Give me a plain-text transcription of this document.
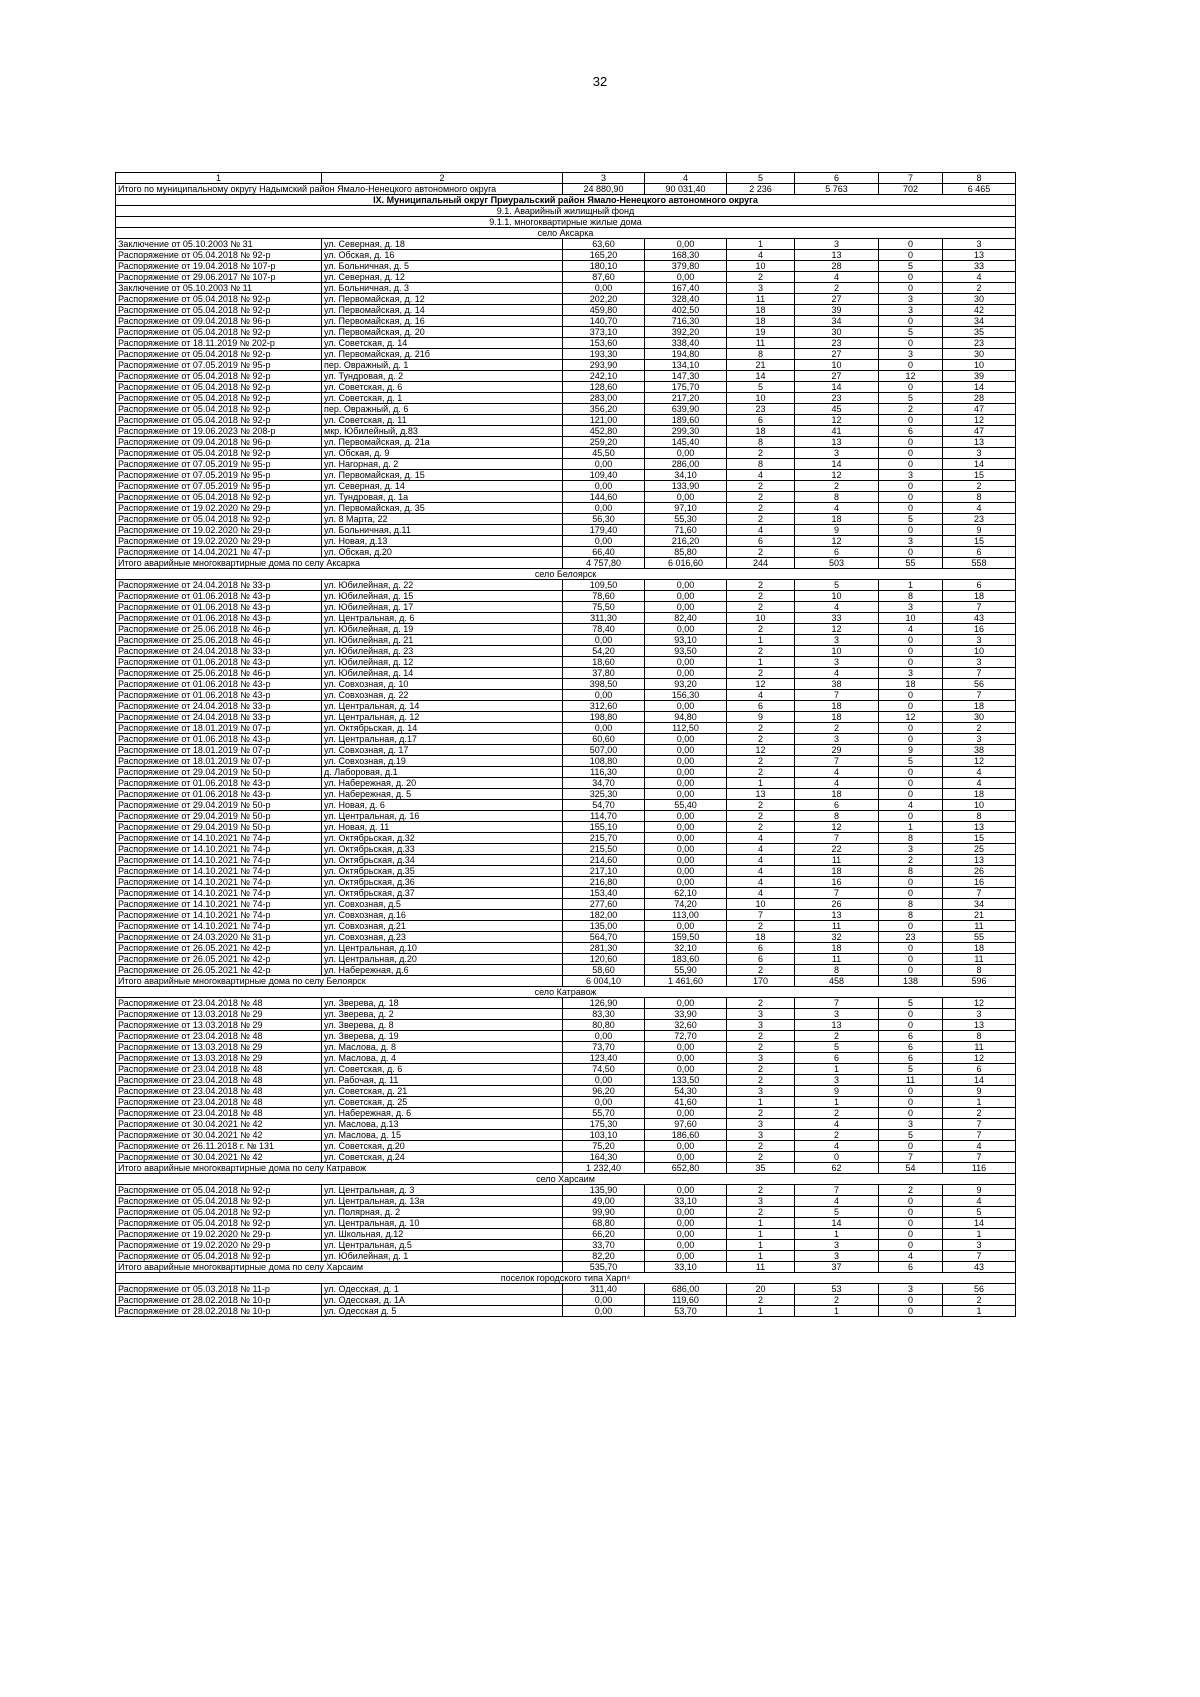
32
1	2	3	4	5	6	7	8
Итого по муниципальному округу Надымский район Ямало-Ненецкого автономного округа		24 880,90	90 031,40	2 236	5 763	702	6 465
IX. Муниципальный округ Приуральский район Ямало-Ненецкого автономного округа							
9.1. Аварийный жилищный фонд							
9.1.1. многоквартирные жилые дома							
село Аксарка							
Заключение от 05.10.2003 № 31	ул. Северная, д. 18	63,60	0,00	1	3	0	3
Распоряжение от 05.04.2018 № 92-р	ул. Обская, д. 16	165,20	168,30	4	13	0	13
Распоряжение от 19.04.2018 № 107-р	ул. Больничная, д. 5	180,10	379,80	10	28	5	33
Распоряжение от 29.06.2017 № 107-р	ул. Северная, д. 12	87,60	0,00	2	4	0	4
Заключение от 05.10.2003 № 11	ул. Больничная, д. 3	0,00	167,40	3	2	0	2
Распоряжение от 05.04.2018 № 92-р	ул. Первомайская, д. 12	202,20	328,40	11	27	3	30
Распоряжение от 05.04.2018 № 92-р	ул. Первомайская, д. 14	459,80	402,50	18	39	3	42
Распоряжение от 09.04.2018 № 96-р	ул. Первомайская, д. 16	140,70	716,30	18	34	0	34
Распоряжение от 05.04.2018 № 92-р	ул. Первомайская, д. 20	373,10	392,20	19	30	5	35
Распоряжение от 18.11.2019 № 202-р	ул. Советская, д. 14	153,60	338,40	11	23	0	23
Распоряжение от 05.04.2018 № 92-р	ул. Первомайская, д. 21б	193,30	194,80	8	27	3	30
Распоряжение от 07.05.2019 № 95-р	пер. Овражный, д. 1	293,90	134,10	21	10	0	10
Распоряжение от 05.04.2018 № 92-р	ул. Тундровая, д. 2	242,10	147,30	14	27	12	39
Распоряжение от 05.04.2018 № 92-р	ул. Советская, д. 6	128,60	175,70	5	14	0	14
Распоряжение от 05.04.2018 № 92-р	ул. Советская, д. 1	283,00	217,20	10	23	5	28
Распоряжение от 05.04.2018 № 92-р	пер. Овражный, д. 6	356,20	639,90	23	45	2	47
Распоряжение от 05.04.2018 № 92-р	ул. Советская, д. 11	121,00	189,60	6	12	0	12
Распоряжение от 19.06.2023 № 208-р	мкр. Юбилейный, д.83	452,80	299,30	18	41	6	47
Распоряжение от 09.04.2018 № 96-р	ул. Первомайская, д. 21а	259,20	145,40	8	13	0	13
Распоряжение от 05.04.2018 № 92-р	ул. Обская, д. 9	45,50	0,00	2	3	0	3
Распоряжение от 07.05.2019 № 95-р	ул. Нагорная, д. 2	0,00	286,00	8	14	0	14
Распоряжение от 07.05.2019 № 95-р	ул. Первомайская, д. 15	109,40	34,10	4	12	3	15
Распоряжение от 07.05.2019 № 95-р	ул. Северная, д. 14	0,00	133,90	2	2	0	2
Распоряжение от 05.04.2018 № 92-р	ул. Тундровая, д. 1а	144,60	0,00	2	8	0	8
Распоряжение от 19.02.2020 № 29-р	ул. Первомайская, д. 35	0,00	97,10	2	4	0	4
Распоряжение от 05.04.2018 № 92-р	ул. 8 Марта, 22	56,30	55,30	2	18	5	23
Распоряжение от 19.02.2020 № 29-р	ул. Больничная, д.11	179,40	71,60	4	9	0	9
Распоряжение от 19.02.2020 № 29-р	ул. Новая, д.13	0,00	216,20	6	12	3	15
Распоряжение от 14.04.2021 № 47-р	ул. Обская, д.20	66,40	85,80	2	6	0	6
Итого аварийные многоквартирные дома по селу Аксарка		4 757,80	6 016,60	244	503	55	558
село Белоярск							
Распоряжение от 24.04.2018 № 33-р	ул. Юбилейная, д. 22	109,50	0,00	2	5	1	6
Распоряжение от 01.06.2018 № 43-р	ул. Юбилейная, д. 15	78,60	0,00	2	10	8	18
Распоряжение от 01.06.2018 № 43-р	ул. Юбилейная, д. 17	75,50	0,00	2	4	3	7
Распоряжение от 01.06.2018 № 43-р	ул. Центральная, д. 6	311,30	82,40	10	33	10	43
Распоряжение от 25.06.2018 № 46-р	ул. Юбилейная, д. 19	78,40	0,00	2	12	4	16
Распоряжение от 25.06.2018 № 46-р	ул. Юбилейная, д. 21	0,00	93,10	1	3	0	3
Распоряжение от 24.04.2018 № 33-р	ул. Юбилейная, д. 23	54,20	93,50	2	10	0	10
Распоряжение от 01.06.2018 № 43-р	ул. Юбилейная, д. 12	18,60	0,00	1	3	0	3
Распоряжение от 25.06.2018 № 46-р	ул. Юбилейная, д. 14	37,80	0,00	2	4	3	7
Распоряжение от 01.06.2018 № 43-р	ул. Совхозная, д. 10	398,50	93,20	12	38	18	56
Распоряжение от 01.06.2018 № 43-р	ул. Совхозная, д. 22	0,00	156,30	4	7	0	7
Распоряжение от 24.04.2018 № 33-р	ул. Центральная, д. 14	312,60	0,00	6	18	0	18
Распоряжение от 24.04.2018 № 33-р	ул. Центральная, д. 12	198,80	94,80	9	18	12	30
Распоряжение от 18.01.2019 № 07-р	ул. Октябрьская, д. 14	0,00	112,50	2	2	0	2
Распоряжение от 01.06.2018 № 43-р	ул. Центральная, д.17	60,60	0,00	2	3	0	3
Распоряжение от 18.01.2019 № 07-р	ул. Совхозная, д. 17	507,00	0,00	12	29	9	38
Распоряжение от 18.01.2019 № 07-р	ул. Совхозная, д.19	108,80	0,00	2	7	5	12
Распоряжение от 29.04.2019 № 50-р	д. Лаборовая, д.1	116,30	0,00	2	4	0	4
Распоряжение от 01.06.2018 № 43-р	ул. Набережная, д. 20	34,70	0,00	1	4	0	4
Распоряжение от 01.06.2018 № 43-р	ул. Набережная, д. 5	325,30	0,00	13	18	0	18
Распоряжение от 29.04.2019 № 50-р	ул. Новая, д. 6	54,70	55,40	2	6	4	10
Распоряжение от 29.04.2019 № 50-р	ул. Центральная, д. 16	114,70	0,00	2	8	0	8
Распоряжение от 29.04.2019 № 50-р	ул. Новая, д. 11	155,10	0,00	2	12	1	13
Распоряжение от 14.10.2021 № 74-р	ул. Октябрьская, д.32	215,70	0,00	4	7	8	15
Распоряжение от 14.10.2021 № 74-р	ул. Октябрьская, д.33	215,50	0,00	4	22	3	25
Распоряжение от 14.10.2021 № 74-р	ул. Октябрьская, д.34	214,60	0,00	4	11	2	13
Распоряжение от 14.10.2021 № 74-р	ул. Октябрьская, д.35	217,10	0,00	4	18	8	26
Распоряжение от 14.10.2021 № 74-р	ул. Октябрьская, д.36	216,80	0,00	4	16	0	16
Распоряжение от 14.10.2021 № 74-р	ул. Октябрьская, д.37	153,40	62,10	4	7	0	7
Распоряжение от 14.10.2021 № 74-р	ул. Совхозная, д.5	277,60	74,20	10	26	8	34
Распоряжение от 14.10.2021 № 74-р	ул. Совхозная, д.16	182,00	113,00	7	13	8	21
Распоряжение от 14.10.2021 № 74-р	ул. Совхозная, д.21	135,00	0,00	2	11	0	11
Распоряжение от 24.03.2020 № 31-р	ул. Совхозная, д.23	564,70	159,50	18	32	23	55
Распоряжение от 26.05.2021 № 42-р	ул. Центральная, д.10	281,30	32,10	6	18	0	18
Распоряжение от 26.05.2021 № 42-р	ул. Центральная, д.20	120,60	183,60	6	11	0	11
Распоряжение от 26.05.2021 № 42-р	ул. Набережная, д.6	58,60	55,90	2	8	0	8
Итого аварийные многоквартирные дома по селу Белоярск		6 004,10	1 461,60	170	458	138	596
село Катравож							
Распоряжение от 23.04.2018 № 48	ул. Зверева, д. 18	126,90	0,00	2	7	5	12
Распоряжение от 13.03.2018 № 29	ул. Зверева, д. 2	83,30	33,90	3	3	0	3
Распоряжение от 13.03.2018 № 29	ул. Зверева, д. 8	80,80	32,60	3	13	0	13
Распоряжение от 23.04.2018 № 48	ул. Зверева, д. 19	0,00	72,70	2	2	6	8
Распоряжение от 13.03.2018 № 29	ул. Маслова, д. 8	73,70	0,00	2	5	6	11
Распоряжение от 13.03.2018 № 29	ул. Маслова, д. 4	123,40	0,00	3	6	6	12
Распоряжение от 23.04.2018 № 48	ул. Советская, д. 6	74,50	0,00	2	1	5	6
Распоряжение от 23.04.2018 № 48	ул. Рабочая, д. 11	0,00	133,50	2	3	11	14
Распоряжение от 23.04.2018 № 48	ул. Советская, д. 21	96,20	54,30	3	9	0	9
Распоряжение от 23.04.2018 № 48	ул. Советская, д. 25	0,00	41,60	1	1	0	1
Распоряжение от 23.04.2018 № 48	ул. Набережная, д. 6	55,70	0,00	2	2	0	2
Распоряжение от 30.04.2021 № 42	ул. Маслова, д.13	175,30	97,60	3	4	3	7
Распоряжение от 30.04.2021 № 42	ул. Маслова, д. 15	103,10	186,60	3	2	5	7
Распоряжение от 26.11.2018 г. № 131	ул. Советская, д.20	75,20	0,00	2	4	0	4
Распоряжение от 30.04.2021 № 42	ул. Советская, д.24	164,30	0,00	2	0	7	7
Итого аварийные многоквартирные дома по селу Катравож		1 232,40	652,80	35	62	54	116
село Харсаим							
Распоряжение от 05.04.2018 № 92-р	ул. Центральная, д. 3	135,90	0,00	2	7	2	9
Распоряжение от 05.04.2018 № 92-р	ул. Центральная, д. 13а	49,00	33,10	3	4	0	4
Распоряжение от 05.04.2018 № 92-р	ул. Полярная, д. 2	99,90	0,00	2	5	0	5
Распоряжение от 05.04.2018 № 92-р	ул. Центральная, д. 10	68,80	0,00	1	14	0	14
Распоряжение от 19.02.2020 № 29-р	ул. Школьная, д.12	66,20	0,00	1	1	0	1
Распоряжение от 19.02.2020 № 29-р	ул. Центральная, д.5	33,70	0,00	1	3	0	3
Распоряжение от 05.04.2018 № 92-р	ул. Юбилейная, д. 1	82,20	0,00	1	3	4	7
Итого аварийные многоквартирные дома по селу Харсаим		535,70	33,10	11	37	6	43
поселок городского типа Харп⁴							
Распоряжение от 05.03.2018 № 11-р	ул. Одесская, д. 1	311,40	686,00	20	53	3	56
Распоряжение от 28.02.2018 № 10-р	ул. Одесская, д. 1А	0,00	119,60	2	2	0	2
Распоряжение от 28.02.2018 № 10-р	ул. Одесская д. 5	0,00	53,70	1	1	0	1
